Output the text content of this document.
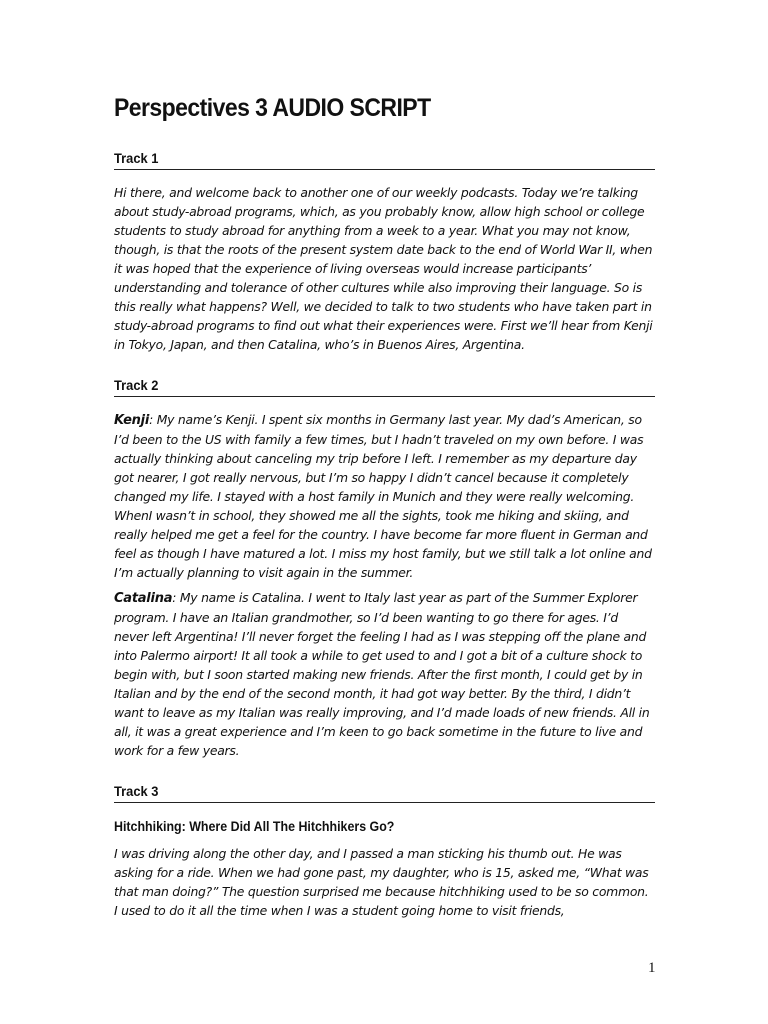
Perspectives 3 AUDIO SCRIPT
Track 1

Hi there, and welcome back to another one of our weekly podcasts. Today we’re talking about study-abroad programs, which, as you probably know, allow high school or college students to study abroad for anything from a week to a year. What you may not know, though, is that the roots of the present system date back to the end of World War II, when it was hoped that the experience of living overseas would increase participants’ understanding and tolerance of other cultures while also improving their language. So is this really what happens? Well, we decided to talk to two students who have taken part in study-abroad programs to find out what their experiences were. First we’ll hear from Kenji in Tokyo, Japan, and then Catalina, who’s in Buenos Aires, Argentina.

Track 2

Kenji: My name’s Kenji. I spent six months in Germany last year. My dad’s American, so I’d been to the US with family a few times, but I hadn’t traveled on my own before. I was actually thinking about canceling my trip before I left. I remember as my departure day got nearer, I got really nervous, but I’m so happy I didn’t cancel because it completely changed my life. I stayed with a host family in Munich and they were really welcoming. WhenI wasn’t in school, they showed me all the sights, took me hiking and skiing, and really helped me get a feel for the country. I have become far more fluent in German and feel as though I have matured a lot. I miss my host family, but we still talk a lot online and I’m actually planning to visit again in the summer.

Catalina: My name is Catalina. I went to Italy last year as part of the Summer Explorer program. I have an Italian grandmother, so I’d been wanting to go there for ages. I’d never left Argentina! I’ll never forget the feeling I had as I was stepping off the plane and into Palermo airport! It all took a while to get used to and I got a bit of a culture shock to begin with, but I soon started making new friends. After the first month, I could get by in Italian and by the end of the second month, it had got way better. By the third, I didn’t want to leave as my Italian was really improving, and I’d made loads of new friends. All in all, it was a great experience and I’m keen to go back sometime in the future to live and work for a few years.

Track 3
Hitchhiking: Where Did All The Hitchhikers Go?

I was driving along the other day, and I passed a man sticking his thumb out. He was asking for a ride. When we had gone past, my daughter, who is 15, asked me, “What was that man doing?” The question surprised me because hitchhiking used to be so common. I used to do it all the time when I was a student going home to visit friends,

1
